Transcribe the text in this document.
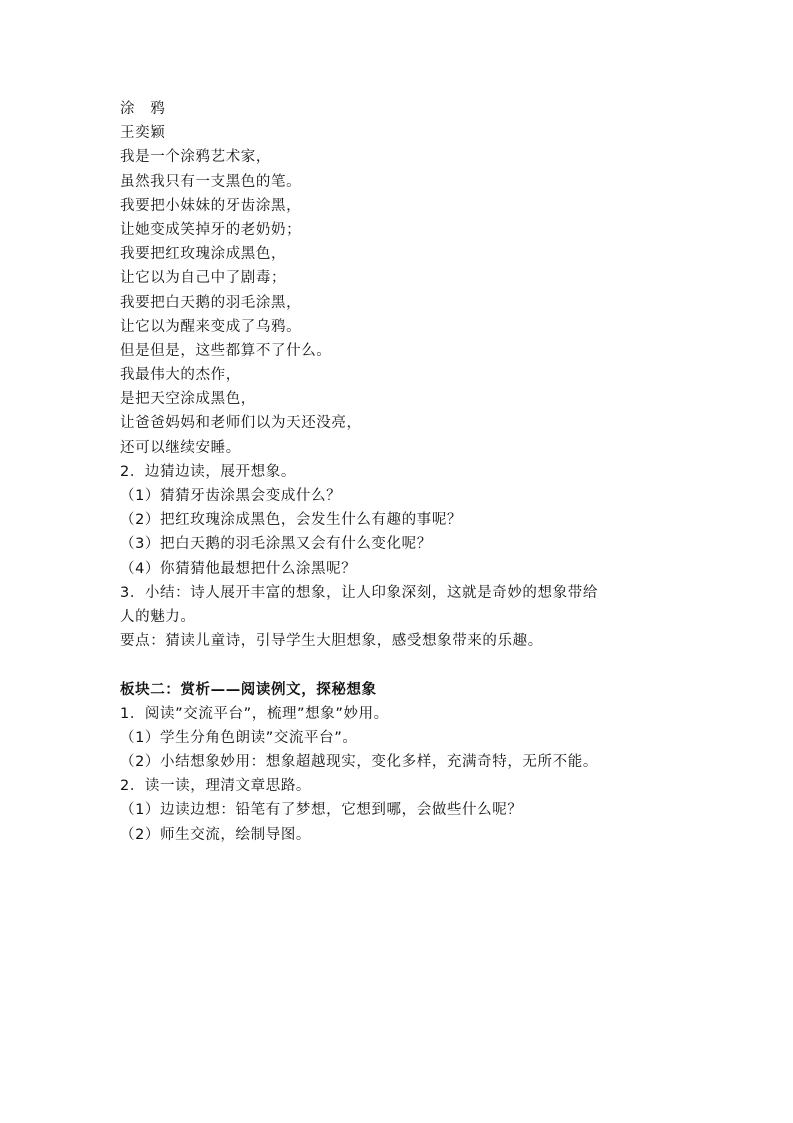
涂　鸦
王奕颖
我是一个涂鸦艺术家，
虽然我只有一支黑色的笔。
我要把小妹妹的牙齿涂黑，
让她变成笑掉牙的老奶奶；
我要把红玫瑰涂成黑色，
让它以为自己中了剧毒；
我要把白天鹅的羽毛涂黑，
让它以为醒来变成了乌鸦。
但是但是，这些都算不了什么。
我最伟大的杰作，
是把天空涂成黑色，
让爸爸妈妈和老师们以为天还没亮，
还可以继续安睡。
2．边猜边读，展开想象。
（1）猜猜牙齿涂黑会变成什么？
（2）把红玫瑰涂成黑色，会发生什么有趣的事呢？
（3）把白天鹅的羽毛涂黑又会有什么变化呢？
（4）你猜猜他最想把什么涂黑呢？
3．小结：诗人展开丰富的想象，让人印象深刻，这就是奇妙的想象带给
人的魅力。
要点：猜读儿童诗，引导学生大胆想象，感受想象带来的乐趣。
板块二：赏析——阅读例文，探秘想象
1．阅读”交流平台”，梳理”想象”妙用。
（1）学生分角色朗读”交流平台”。
（2）小结想象妙用：想象超越现实，变化多样，充满奇特，无所不能。
2．读一读，理清文章思路。
（1）边读边想：铅笔有了梦想，它想到哪，会做些什么呢？
（2）师生交流，绘制导图。
